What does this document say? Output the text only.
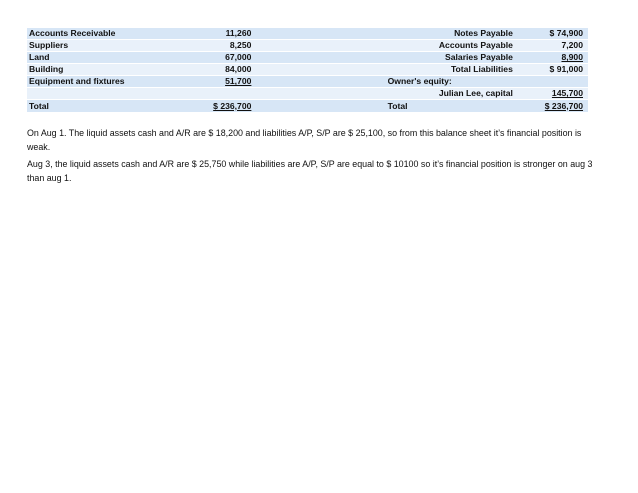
Accounts Receivable	11,260		Notes Payable	$ 74,900
Suppliers	8,250		Accounts Payable	7,200
Land	67,000		Salaries Payable	8,900
Building	84,000		Total Liabilities	$ 91,000
Equipment and fixtures	51,700		Owner's equity:	
			Julian Lee, capital	145,700
Total	$ 236,700		Total	$ 236,700

On Aug 1. The liquid assets cash and A/R are $ 18,200 and liabilities A/P, S/P are $ 25,100, so from this balance sheet it’s financial position is weak.

Aug 3, the liquid assets cash and A/R are $ 25,750 while liabilities are A/P, S/P are equal to $ 10100 so it’s financial position is stronger on aug 3 than aug 1.
